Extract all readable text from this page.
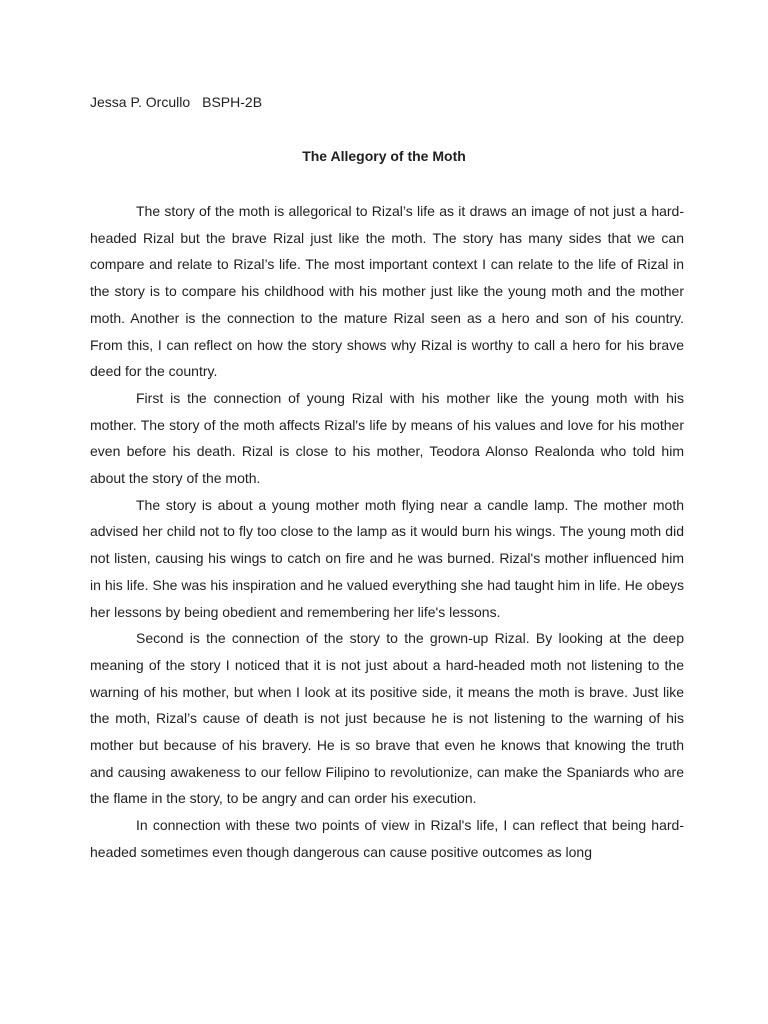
Jessa P. Orcullo BSPH-2B
The Allegory of the Moth

The story of the moth is allegorical to Rizal’s life as it draws an image of not just a hard-headed Rizal but the brave Rizal just like the moth. The story has many sides that we can compare and relate to Rizal’s life. The most important context I can relate to the life of Rizal in the story is to compare his childhood with his mother just like the young moth and the mother moth. Another is the connection to the mature Rizal seen as a hero and son of his country. From this, I can reflect on how the story shows why Rizal is worthy to call a hero for his brave deed for the country.

First is the connection of young Rizal with his mother like the young moth with his mother. The story of the moth affects Rizal's life by means of his values and love for his mother even before his death. Rizal is close to his mother, Teodora Alonso Realonda who told him about the story of the moth.

The story is about a young mother moth flying near a candle lamp. The mother moth advised her child not to fly too close to the lamp as it would burn his wings. The young moth did not listen, causing his wings to catch on fire and he was burned. Rizal's mother influenced him in his life. She was his inspiration and he valued everything she had taught him in life. He obeys her lessons by being obedient and remembering her life's lessons.

Second is the connection of the story to the grown-up Rizal. By looking at the deep meaning of the story I noticed that it is not just about a hard-headed moth not listening to the warning of his mother, but when I look at its positive side, it means the moth is brave. Just like the moth, Rizal’s cause of death is not just because he is not listening to the warning of his mother but because of his bravery. He is so brave that even he knows that knowing the truth and causing awakeness to our fellow Filipino to revolutionize, can make the Spaniards who are the flame in the story, to be angry and can order his execution.

In connection with these two points of view in Rizal's life, I can reflect that being hard-headed sometimes even though dangerous can cause positive outcomes as long
